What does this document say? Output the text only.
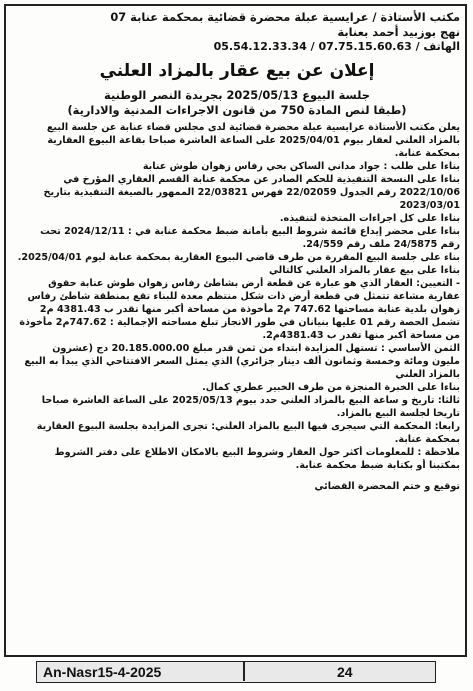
مكتب الأستاذة / عرايسية عبلة محضرة قضائية بمحكمة عنابة 07
نهج بوزبيد أحمد بعنابة
الهاتف / 07.75.15.60.63 / 05.54.12.33.34
إعلان عن بيع عقار بالمزاد العلني
جلسة البيوع 2025/05/13 بجريدة النصر الوطنية
(طبقا لنص المادة 750 من قانون الاجراءات المدنية والادارية)
يعلن مكتب الأستاذة عرايسية عبلة محضرة قضائية لدى مجلس قضاء عنابة عن جلسة البيع
بالمزاد العلني لعقار بيوم 2025/04/01 على الساعة العاشرة صباحا بقاعة البيوع العقارية
بمحكمة عنابة.
بناءا على طلب : جواد مداني الساكن بحي رفاس زهوان طوش عنابة
بناءا على النسخة التنفيذية للحكم الصادر عن محكمة عنابة القسم العقاري المؤرخ في
2022/10/06 رقم الجدول 22/02059 فهرس 22/03821 الممهور بالصيغة التنفيذية بتاريخ
2023/03/01
بناءا على كل اجراءات المتخذة لتنفيذه.
بناءا على محضر إيداع قائمة شروط البيع بأمانة ضبط محكمة عنابة في : 2024/12/11 تحت
رقم 24/5875 ملف رقم 24/559.
بناء على جلسة البيع المقررة من طرف قاضي البيوع العقارية بمحكمة عنابة ليوم 2025/04/01.
بناءا على بيع عقار بالمزاد العلني كالتالي
- التعيين: العقار الذي هو عبارة عن قطعة أرض بشاطئ رفاس زهوان طوش عنابة حقوق
عقارية مشاعة تتمثل في قطعة أرض ذات شكل منتظم معدة للبناء تقع بمنطقة شاطئ رفاس
زهوان بلدية عنابة مساحتها 747.62 م2 مأخوذة من مساحة أكبر منها تقدر ب 4381.43 م2
تشمل الحصة رقم 01 عليها بنيانان في طور الانجاز تبلغ مساحته الإجمالية : 747.62م2 مأخوذة
من مساحة أكبر منها تقدر ب 4381.43م2.
الثمن الأساسي : تستهل المزايدة ابتداء من ثمن قدر مبلغ 20.185.000.00 دج (عشرون
مليون ومائة وخمسة وثمانون ألف دينار جزائري) الذي يمثل السعر الافتتاحي الذي يبدأ به البيع
بالمزاد العلني
بناءا على الخبرة المنجزة من طرف الخبير عطري كمال.
ثالثا: تاريخ و ساعة البيع بالمزاد العلني حدد بيوم 2025/05/13 على الساعة العاشرة صباحا
تاريخا لجلسة البيع بالمزاد.
رابعا: المحكمة التي سيجرى فيها البيع بالمزاد العلني: تجرى المزايدة بجلسة البيوع العقارية
بمحكمة عنابة.
ملاحظة : للمعلومات أكثر حول العقار وشروط البيع بالامكان الاطلاع على دفتر الشروط
بمكتبنا أو بكتابة ضبط محكمة عنابة.
توقيع و ختم المحضرة القضائي
An-Nasr15-4-2025	24
